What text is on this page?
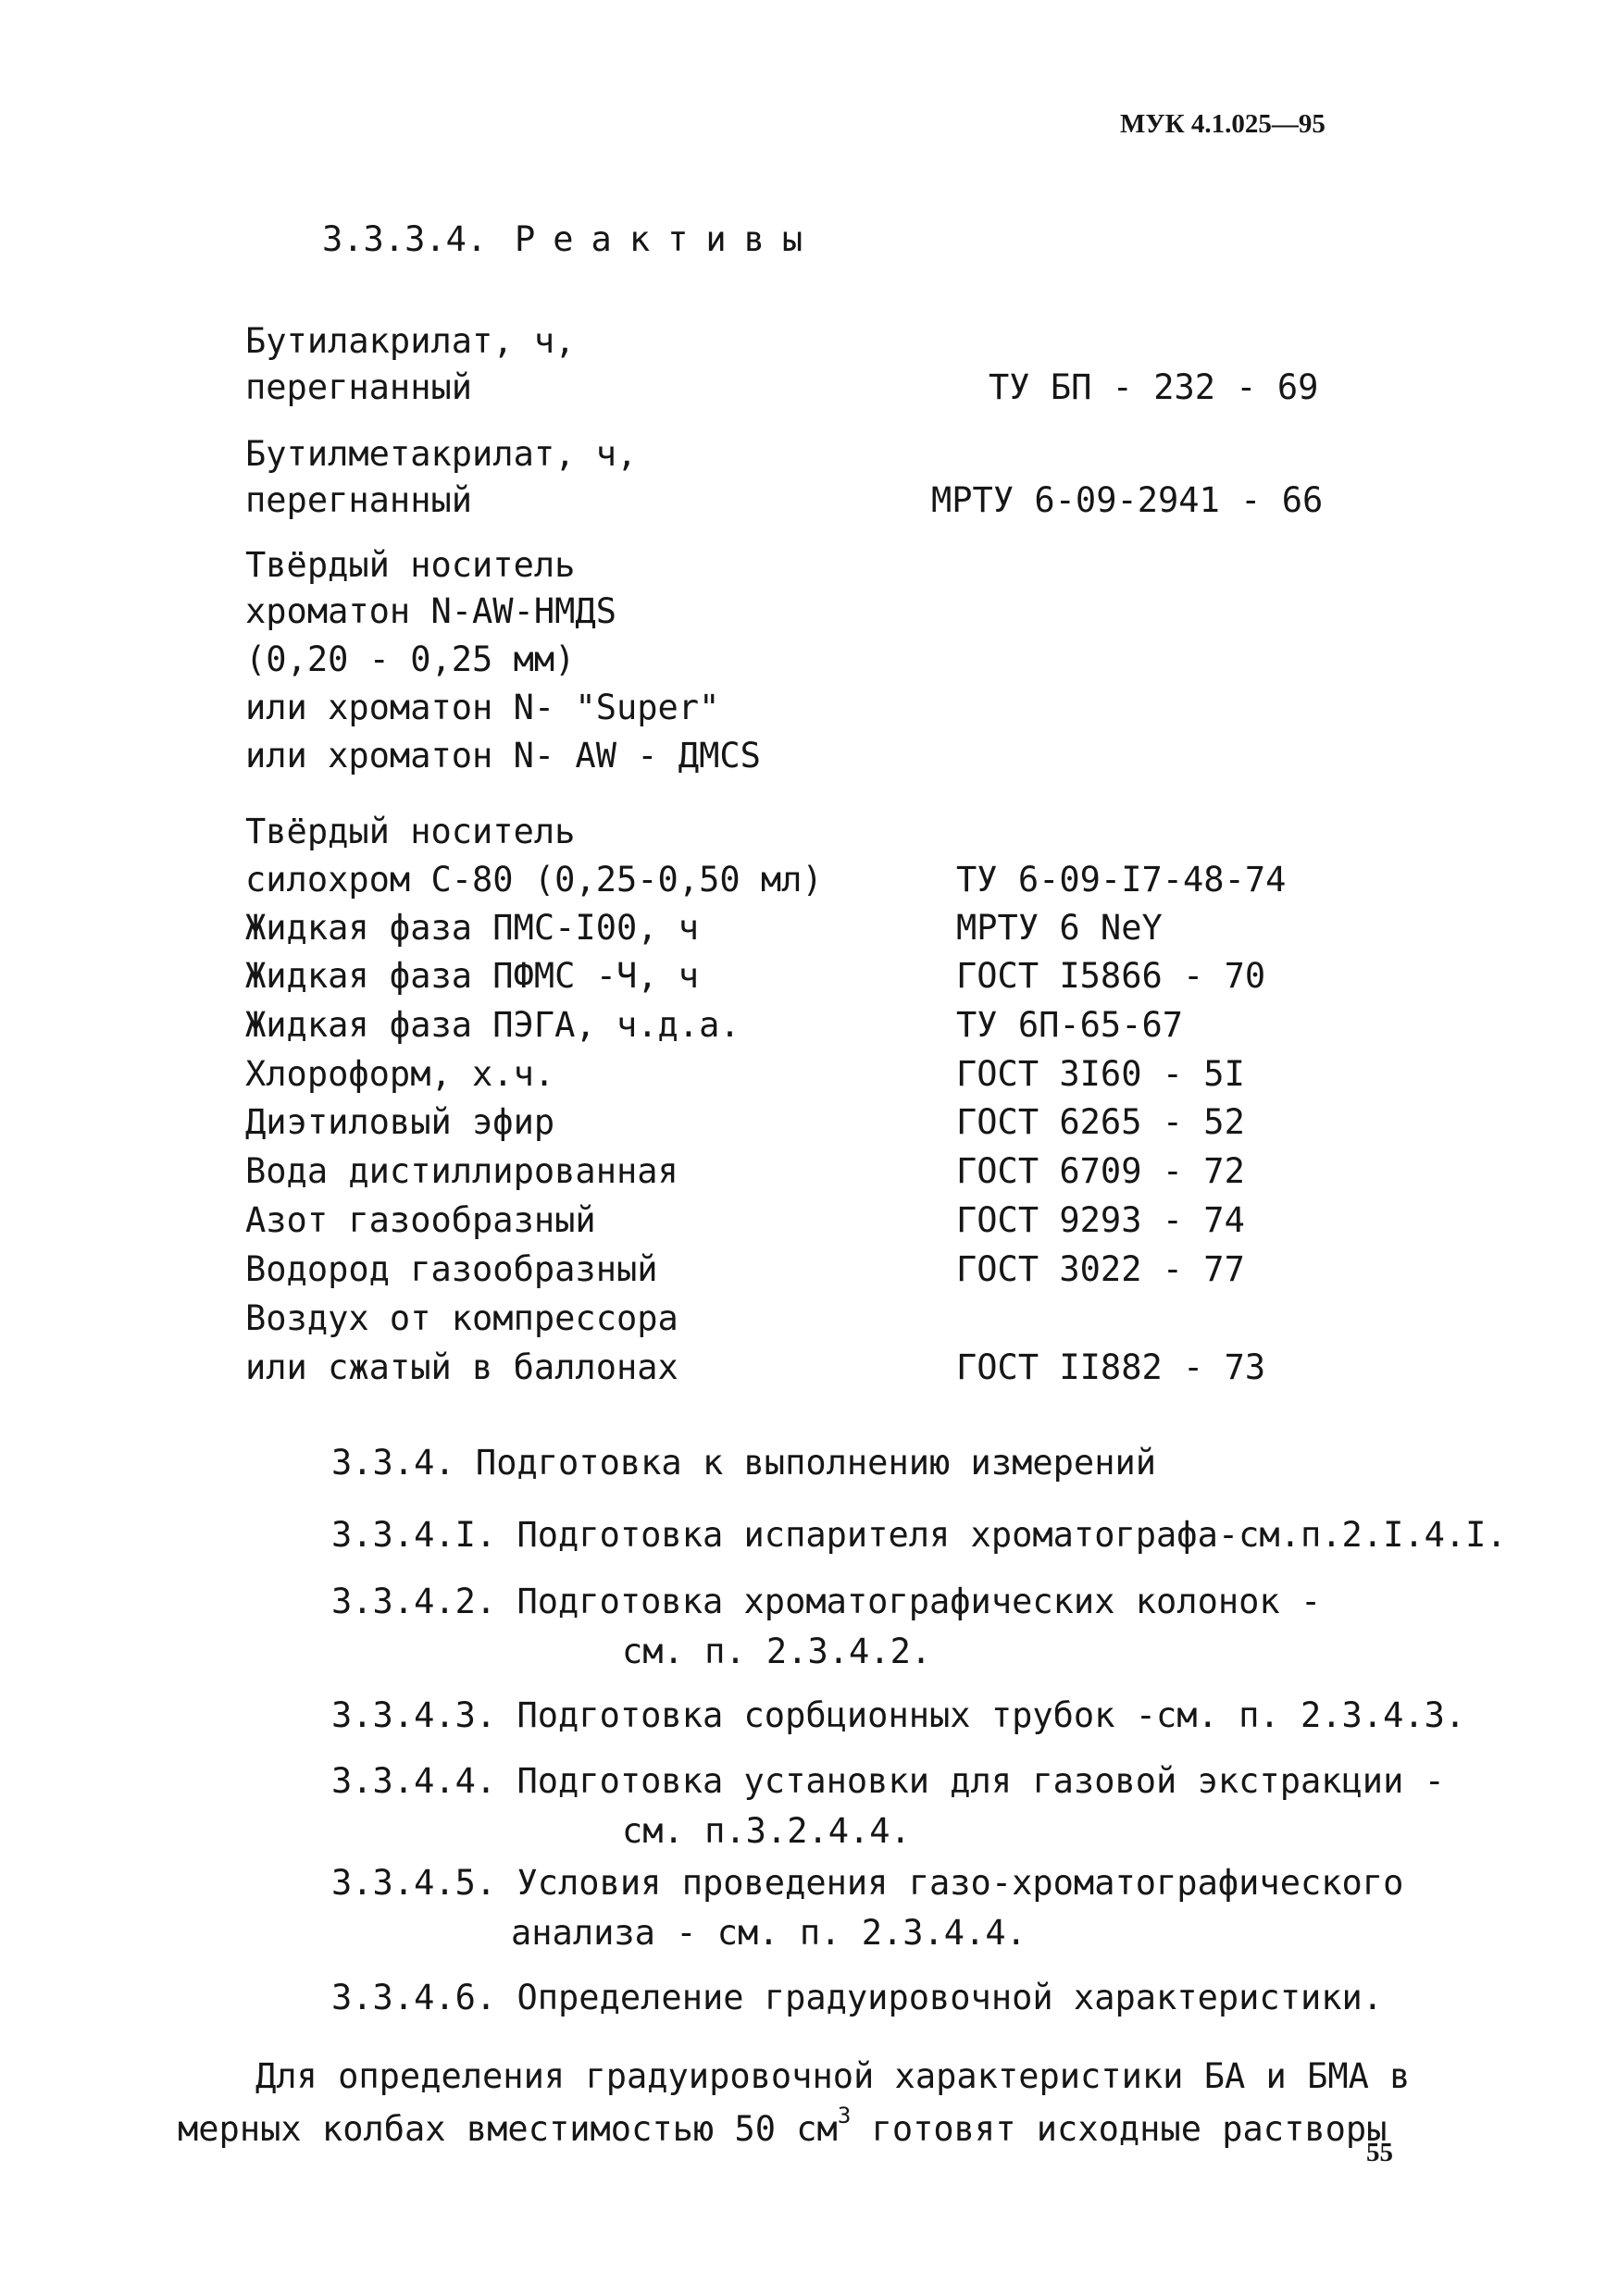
МУК 4.1.025—95
3.3.3.4. Реактивы
Бутилакрилат, ч,
перегнанный	ТУ БП - 232 - 69
Бутилметакрилат, ч,
перегнанный	МРТУ 6-09-2941 - 66
Твёрдый носитель
хроматон N-AW-HMДS
(0,20 - 0,25 мм)
или хроматон N- "Super"
или хроматон N- AW - ДМСS
Твёрдый носитель
силохром С-80 (0,25-0,50 мл)	ТУ 6-09-I7-48-74
Жидкая фаза ПМС-I00, ч	МРТУ 6 NeY
Жидкая фаза ПФМС -Ч, ч	ГОСТ I5866 - 70
Жидкая фаза ПЭГА, ч.д.а.	ТУ 6П-65-67
Хлороформ, х.ч.	ГОСТ 3I60 - 5I
Диэтиловый эфир	ГОСТ 6265 - 52
Вода дистиллированная	ГОСТ 6709 - 72
Азот газообразный	ГОСТ 9293 - 74
Водород газообразный	ГОСТ 3022 - 77
Воздух от компрессора
или сжатый в баллонах	ГОСТ II882 - 73
3.3.4. Подготовка к выполнению измерений
3.3.4.I. Подготовка испарителя хроматографа-см.п.2.I.4.I.
3.3.4.2. Подготовка хроматографических колонок -
см. п. 2.3.4.2.
3.3.4.3. Подготовка сорбционных трубок -см. п. 2.3.4.3.
3.3.4.4. Подготовка установки для газовой экстракции -
см. п.3.2.4.4.
3.3.4.5. Условия проведения газо-хроматографического
анализа - см. п. 2.3.4.4.
3.3.4.6. Определение градуировочной характеристики.
Для определения градуировочной характеристики БА и БМА в
мерных колбах вместимостью 50 $см^3$ готовят исходные растворы
55
